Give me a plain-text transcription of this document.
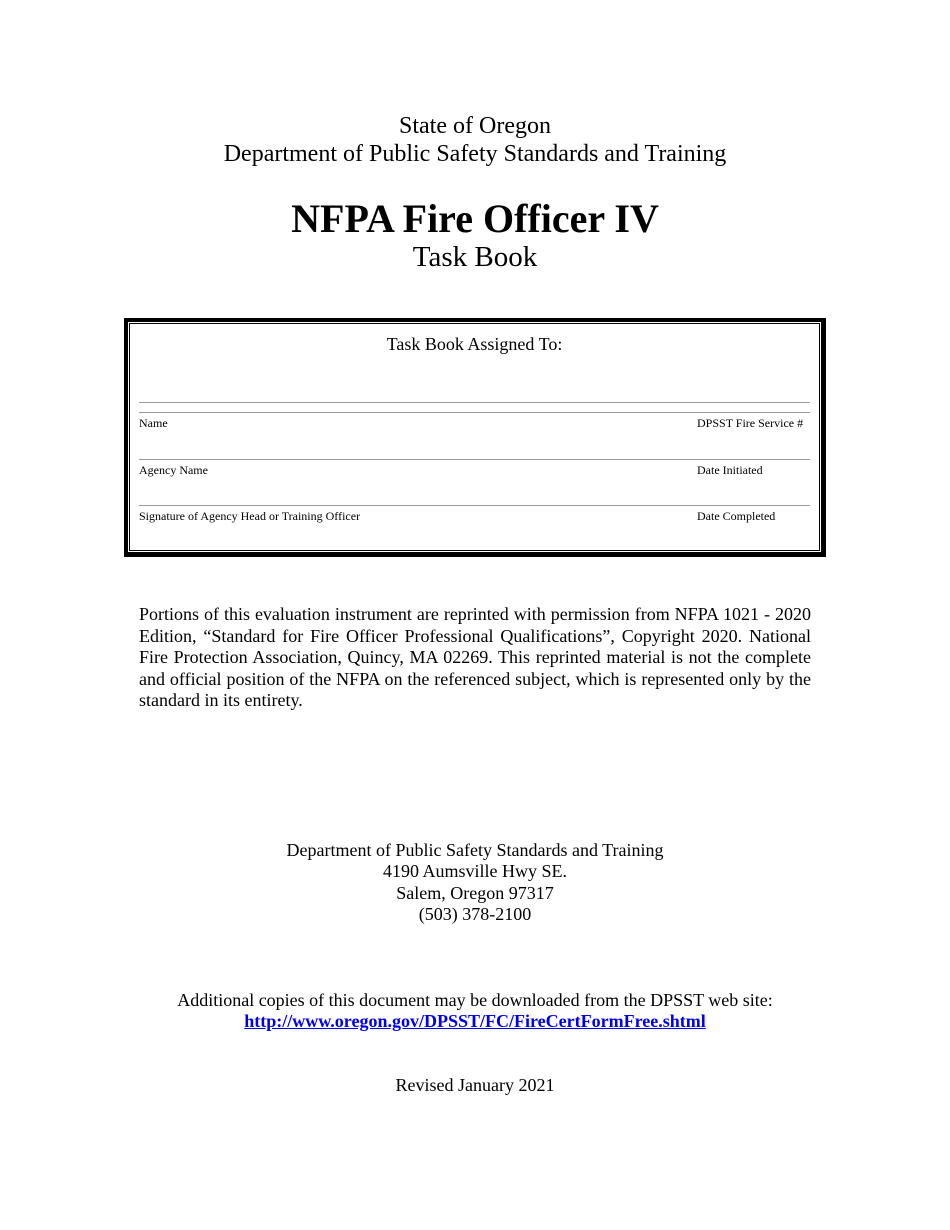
State of Oregon
Department of Public Safety Standards and Training
NFPA Fire Officer IV
Task Book
Task Book Assigned To:
Name	DPSST Fire Service #
Agency Name	Date Initiated
Signature of Agency Head or Training Officer	Date Completed
Portions of this evaluation instrument are reprinted with permission from NFPA 1021 - 2020 Edition, “Standard for Fire Officer Professional Qualifications”, Copyright 2020. National Fire Protection Association, Quincy, MA 02269. This reprinted material is not the complete and official position of the NFPA on the referenced subject, which is represented only by the standard in its entirety.
Department of Public Safety Standards and Training
4190 Aumsville Hwy SE.
Salem, Oregon 97317
(503) 378-2100
Additional copies of this document may be downloaded from the DPSST web site:
http://www.oregon.gov/DPSST/FC/FireCertFormFree.shtml
Revised January 2021
